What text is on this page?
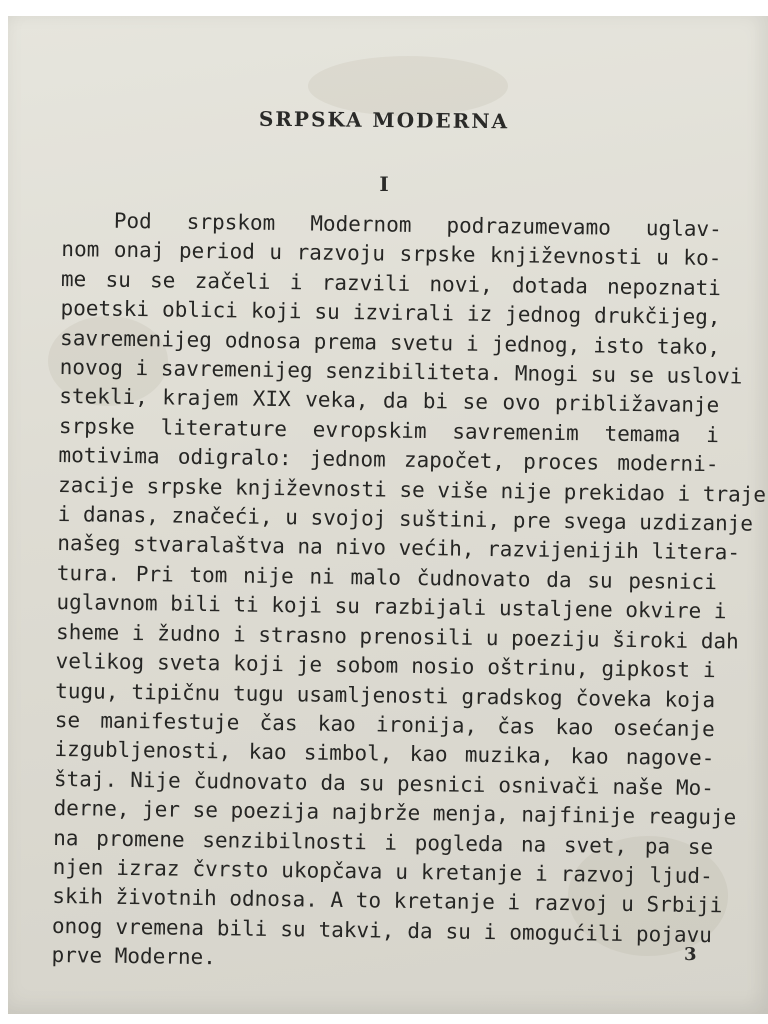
SRPSKA MODERNA
I
Pod srpskom Modernom podrazumevamo uglav-
nom onaj period u razvoju srpske književnosti u ko-
me su se začeli i razvili novi, dotada nepoznati
poetski oblici koji su izvirali iz jednog drukčijeg,
savremenijeg odnosa prema svetu i jednog, isto tako,
novog i savremenijeg senzibiliteta. Mnogi su se uslovi
stekli, krajem XIX veka, da bi se ovo približavanje
srpske literature evropskim savremenim temama i
motivima odigralo: jednom započet, proces moderni-
zacije srpske književnosti se više nije prekidao i traje
i danas, značeći, u svojoj suštini, pre svega uzdizanje
našeg stvaralaštva na nivo većih, razvijenijih litera-
tura. Pri tom nije ni malo čudnovato da su pesnici
uglavnom bili ti koji su razbijali ustaljene okvire i
sheme i žudno i strasno prenosili u poeziju široki dah
velikog sveta koji je sobom nosio oštrinu, gipkost i
tugu, tipičnu tugu usamljenosti gradskog čoveka koja
se manifestuje čas kao ironija, čas kao osećanje
izgubljenosti, kao simbol, kao muzika, kao nagove-
štaj. Nije čudnovato da su pesnici osnivači naše Mo-
derne, jer se poezija najbrže menja, najfinije reaguje
na promene senzibilnosti i pogleda na svet, pa se
njen izraz čvrsto ukopčava u kretanje i razvoj ljud-
skih životnih odnosa. A to kretanje i razvoj u Srbiji
onog vremena bili su takvi, da su i omogućili pojavu
prve Moderne.	3
